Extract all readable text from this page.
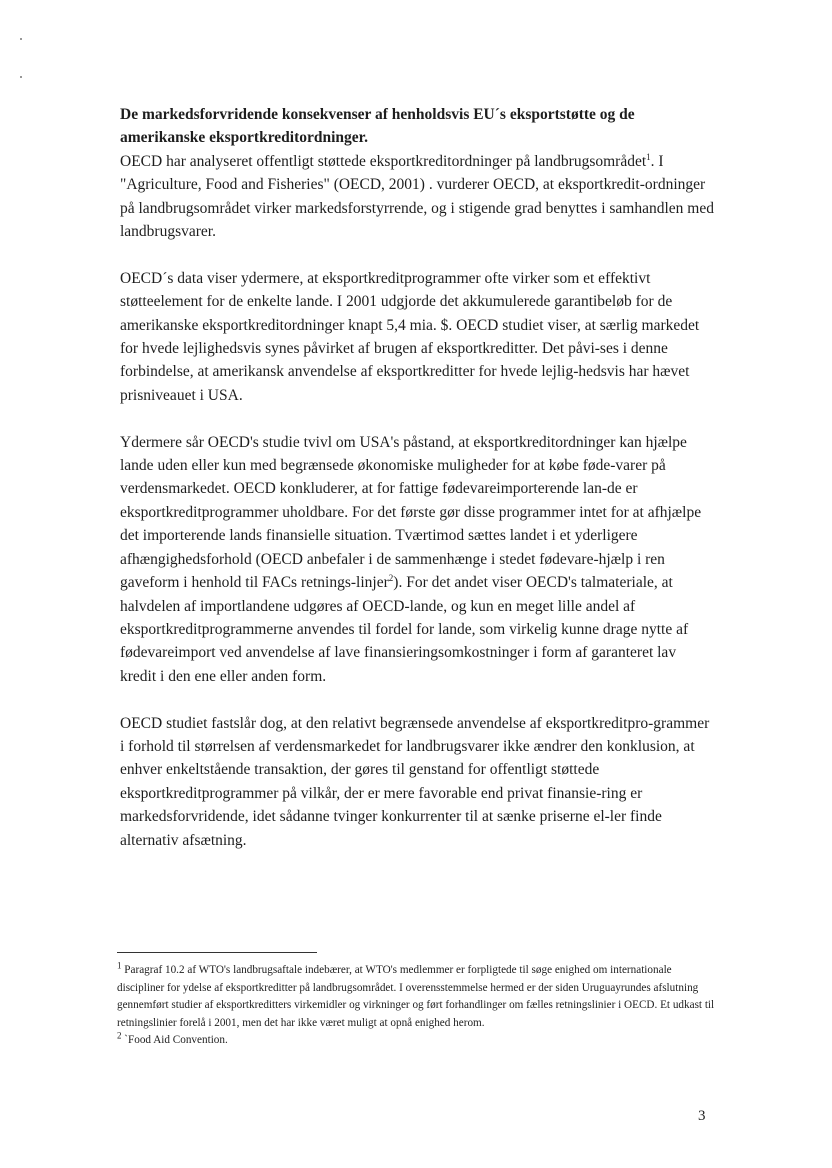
De markedsforvridende konsekvenser af henholdsvis EU´s eksportstøtte og de
amerikanske eksportkreditordninger.

OECD har analyseret offentligt støttede eksportkreditordninger på landbrugsområdet$^1$. I "Agriculture, Food and Fisheries" (OECD, 2001) . vurderer OECD, at eksportkredit-ordninger på landbrugsområdet virker markedsforstyrrende, og i stigende grad benyttes i samhandlen med landbrugsvarer.

OECD´s data viser ydermere, at eksportkreditprogrammer ofte virker som et effektivt støtteelement for de enkelte lande. I 2001 udgjorde det akkumulerede garantibeløb for de amerikanske eksportkreditordninger knapt 5,4 mia. $. OECD studiet viser, at særlig markedet for hvede lejlighedsvis synes påvirket af brugen af eksportkreditter. Det påvi-ses i denne forbindelse, at amerikansk anvendelse af eksportkreditter for hvede lejlig-hedsvis har hævet prisniveauet i USA.

Ydermere sår OECD's studie tvivl om USA's påstand, at eksportkreditordninger kan hjælpe lande uden eller kun med begrænsede økonomiske muligheder for at købe føde-varer på verdensmarkedet. OECD konkluderer, at for fattige fødevareimporterende lan-de er eksportkreditprogrammer uholdbare. For det første gør disse programmer intet for at afhjælpe det importerende lands finansielle situation. Tværtimod sættes landet i et yderligere afhængighedsforhold (OECD anbefaler i de sammenhænge i stedet fødevare-hjælp i ren gaveform i henhold til FACs retnings-linjer$^2$). For det andet viser OECD's talmateriale, at halvdelen af importlandene udgøres af OECD-lande, og kun en meget lille andel af eksportkreditprogrammerne anvendes til fordel for lande, som virkelig kunne drage nytte af fødevareimport ved anvendelse af lave finansieringsomkostninger i form af garanteret lav kredit i den ene eller anden form.

OECD studiet fastslår dog, at den relativt begrænsede anvendelse af eksportkreditpro-grammer i forhold til størrelsen af verdensmarkedet for landbrugsvarer ikke ændrer den konklusion, at enhver enkeltstående transaktion, der gøres til genstand for offentligt støttede eksportkreditprogrammer på vilkår, der er mere favorable end privat finansie-ring er markedsforvridende, idet sådanne tvinger konkurrenter til at sænke priserne el-ler finde alternativ afsætning.

$^1$ Paragraf 10.2 af WTO's landbrugsaftale indebærer, at WTO's medlemmer er forpligtede til søge enighed om internationale discipliner for ydelse af eksportkreditter på landbrugsområdet. I overensstemmelse hermed er der siden Uruguayrundes afslutning gennemført studier af eksportkreditters virkemidler og virkninger og ført forhandlinger om fælles retningslinier i OECD. Et udkast til retningslinier forelå i 2001, men det har ikke været muligt at opnå enighed herom.

$^2$ `Food Aid Convention.

3
